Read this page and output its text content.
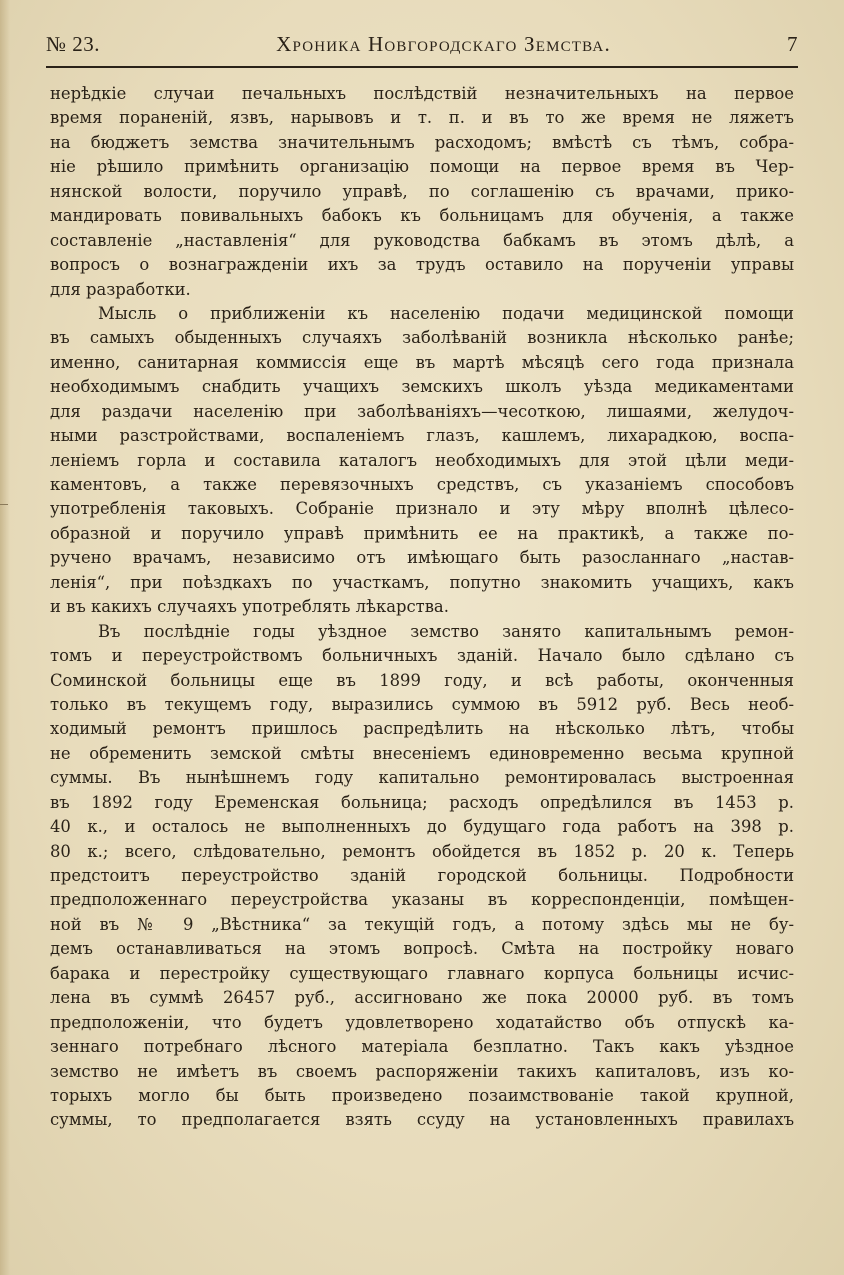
№ 23.	Хроника Новгородскаго Земства.	7
нерѣдкіе случаи печальныхъ послѣдствій незначительныхъ на первое
время пораненій, язвъ, нарывовъ и т. п. и въ то же время не ляжетъ
на бюджетъ земства значительнымъ расходомъ; вмѣстѣ съ тѣмъ, собра-
ніе рѣшило примѣнить организацію помощи на первое время въ Чер-
нянской волости, поручило управѣ, по соглашенію съ врачами, прико-
мандировать повивальныхъ бабокъ къ больницамъ для обученія, а также
составленіе „наставленія“ для руководства бабкамъ въ этомъ дѣлѣ, а
вопросъ о вознагражденіи ихъ за трудъ оставило на порученіи управы
для разработки.
Мысль о приближеніи къ населенію подачи медицинской помощи
въ самыхъ обыденныхъ случаяхъ заболѣваній возникла нѣсколько ранѣе;
именно, санитарная коммиссія еще въ мартѣ мѣсяцѣ сего года признала
необходимымъ снабдить учащихъ земскихъ школъ уѣзда медикаментами
для раздачи населенію при заболѣваніяхъ—чесоткою, лишаями, желудоч-
ными разстройствами, воспаленіемъ глазъ, кашлемъ, лихарадкою, воспа-
леніемъ горла и составила каталогъ необходимыхъ для этой цѣли меди-
каментовъ, а также перевязочныхъ средствъ, съ указаніемъ способовъ
употребленія таковыхъ. Собраніе признало и эту мѣру вполнѣ цѣлесо-
образной и поручило управѣ примѣнить ее на практикѣ, а также по-
ручено врачамъ, независимо отъ имѣющаго быть разосланнаго „настав-
ленія“, при поѣздкахъ по участкамъ, попутно знакомить учащихъ, какъ
и въ какихъ случаяхъ употреблять лѣкарства.
Въ послѣдніе годы уѣздное земство занято капитальнымъ ремон-
томъ и переустройствомъ больничныхъ зданій. Начало было сдѣлано съ
Соминской больницы еще въ 1899 году, и всѣ работы, оконченныя
только въ текущемъ году, выразились суммою въ 5912 руб. Весь необ-
ходимый ремонтъ пришлось распредѣлить на нѣсколько лѣтъ, чтобы
не обременить земской смѣты внесеніемъ единовременно весьма крупной
суммы. Въ нынѣшнемъ году капитально ремонтировалась выстроенная
въ 1892 году Еременская больница; расходъ опредѣлился въ 1453 р.
40 к., и осталось не выполненныхъ до будущаго года работъ на 398 р.
80 к.; всего, слѣдовательно, ремонтъ обойдется въ 1852 р. 20 к. Теперь
предстоитъ переустройство зданій городской больницы. Подробности
предположеннаго переустройства указаны въ корреспонденціи, помѣщен-
ной въ № 9 „Вѣстника“ за текущій годъ, а потому здѣсь мы не бу-
демъ останавливаться на этомъ вопросѣ. Смѣта на постройку новаго
барака и перестройку существующаго главнаго корпуса больницы исчис-
лена въ суммѣ 26457 руб., ассигновано же пока 20000 руб. въ томъ
предположеніи, что будетъ удовлетворено ходатайство объ отпускѣ ка-
зеннаго потребнаго лѣсного матеріала безплатно. Такъ какъ уѣздное
земство не имѣетъ въ своемъ распоряженіи такихъ капиталовъ, изъ ко-
торыхъ могло бы быть произведено позаимствованіе такой крупной,
суммы, то предполагается взять ссуду на установленныхъ правилахъ
